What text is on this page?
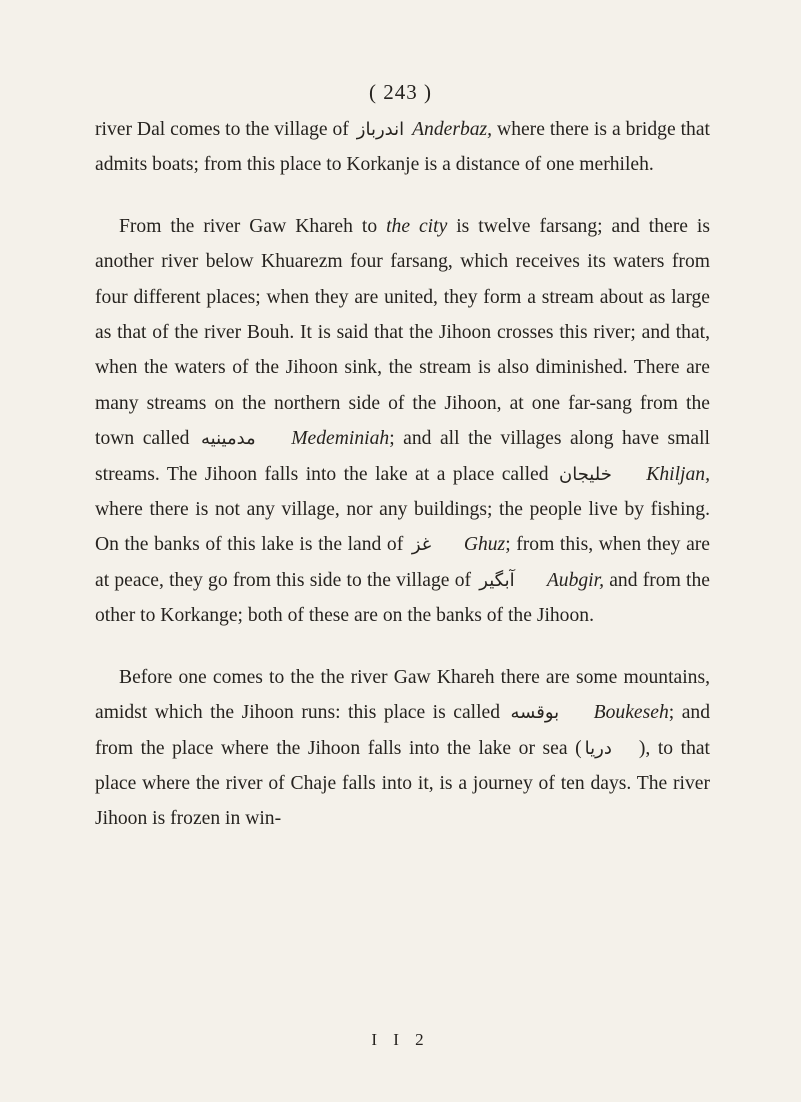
( 243 )

river Dal comes to the village of اندرباز Anderbaz, where there is a bridge that admits boats; from this place to Korkanje is a distance of one merhileh.

From the river Gaw Khareh to the city is twelve farsang; and there is another river below Khuarezm four farsang, which receives its waters from four different places; when they are united, they form a stream about as large as that of the river Bouh. It is said that the Jihoon crosses this river; and that, when the waters of the Jihoon sink, the stream is also diminished. There are many streams on the northern side of the Jihoon, at one far-sang from the town called مدمينيه Medeminiah; and all the villages along have small streams. The Jihoon falls into the lake at a place called خليجان Khiljan, where there is not any village, nor any buildings; the people live by fishing. On the banks of this lake is the land of غز Ghuz; from this, when they are at peace, they go from this side to the village of آبگیر Aubgir, and from the other to Korkange; both of these are on the banks of the Jihoon.

Before one comes to the the river Gaw Khareh there are some mountains, amidst which the Jihoon runs: this place is called بوقسه Boukeseh; and from the place where the Jihoon falls into the lake or sea ( دریا ), to that place where the river of Chaje falls into it, is a journey of ten days. The river Jihoon is frozen in win-

I I 2
